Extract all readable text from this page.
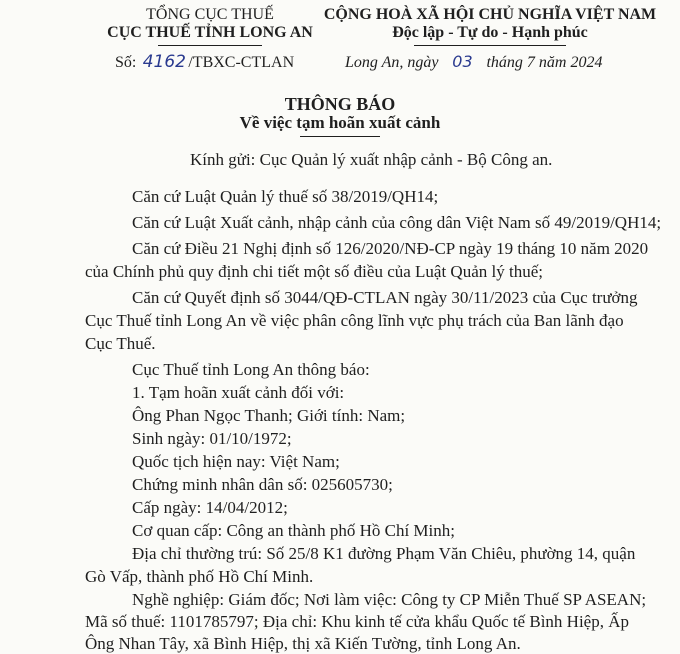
TỔNG CỤC THUẾ
CỤC THUẾ TỈNH LONG AN
Số: 4162 /TBXC-CTLAN
CỘNG HOÀ XÃ HỘI CHỦ NGHĨA VIỆT NAM
Độc lập - Tự do - Hạnh phúc
Long An, ngày 03 tháng 7 năm 2024
THÔNG BÁO
Về việc tạm hoãn xuất cảnh
Kính gửi: Cục Quản lý xuất nhập cảnh - Bộ Công an.
Căn cứ Luật Quản lý thuế số 38/2019/QH14;
Căn cứ Luật Xuất cảnh, nhập cảnh của công dân Việt Nam số 49/2019/QH14;
Căn cứ Điều 21 Nghị định số 126/2020/NĐ-CP ngày 19 tháng 10 năm 2020
của Chính phủ quy định chi tiết một số điều của Luật Quản lý thuế;
Căn cứ Quyết định số 3044/QĐ-CTLAN ngày 30/11/2023 của Cục trưởng
Cục Thuế tỉnh Long An về việc phân công lĩnh vực phụ trách của Ban lãnh đạo
Cục Thuế.
Cục Thuế tỉnh Long An thông báo:
1. Tạm hoãn xuất cảnh đối với:
Ông Phan Ngọc Thanh; Giới tính: Nam;
Sinh ngày: 01/10/1972;
Quốc tịch hiện nay: Việt Nam;
Chứng minh nhân dân số: 025605730;
Cấp ngày: 14/04/2012;
Cơ quan cấp: Công an thành phố Hồ Chí Minh;
Địa chỉ thường trú: Số 25/8 K1 đường Phạm Văn Chiêu, phường 14, quận
Gò Vấp, thành phố Hồ Chí Minh.
Nghề nghiệp: Giám đốc; Nơi làm việc: Công ty CP Miễn Thuế SP ASEAN;
Mã số thuế: 1101785797; Địa chỉ: Khu kinh tế cửa khẩu Quốc tế Bình Hiệp, Ấp
Ông Nhan Tây, xã Bình Hiệp, thị xã Kiến Tường, tỉnh Long An.
